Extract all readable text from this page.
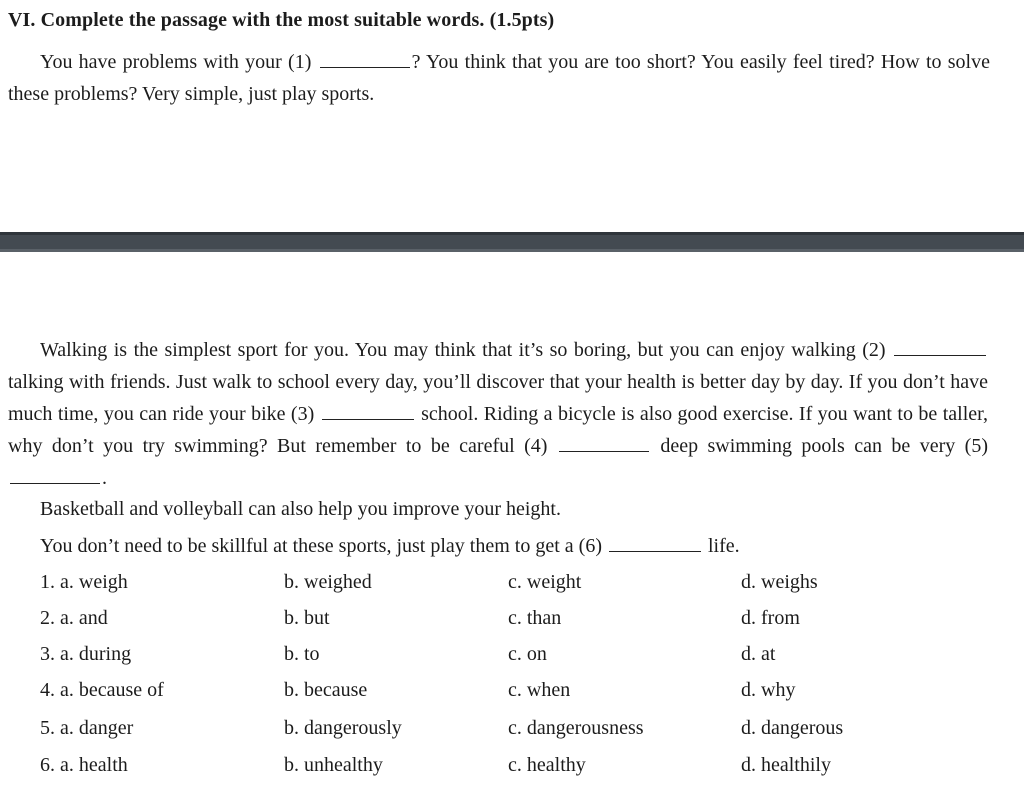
VI. Complete the passage with the most suitable words. (1.5pts)
You have problems with your (1)	? You think that you are too short? You easily feel tired? How to solve these problems? Very simple, just play sports.

Walking is the simplest sport for you. You may think that it’s so boring, but you can enjoy walking (2)  talking with friends. Just walk to school every day, you’ll discover that your health is better day by day. If you don’t have much time, you can ride your bike (3)	school. Riding a bicycle is also good exercise. If you want to be taller, why don’t you try swimming? But remember to be careful (4)	deep swimming pools can be very (5) .

Basketball and volleyball can also help you improve your height.
You don’t need to be skillful at these sports, just play them to get a (6)	life.
1. a. weigh	b. weighed	c. weight	d. weighs
2. a. and	b. but	c. than	d. from
3. a. during	b. to	c. on	d. at
4. a. because of	b. because	c. when	d. why
5. a. danger	b. dangerously	c. dangerousness	d. dangerous
6. a. health	b. unhealthy	c. healthy	d. healthily
